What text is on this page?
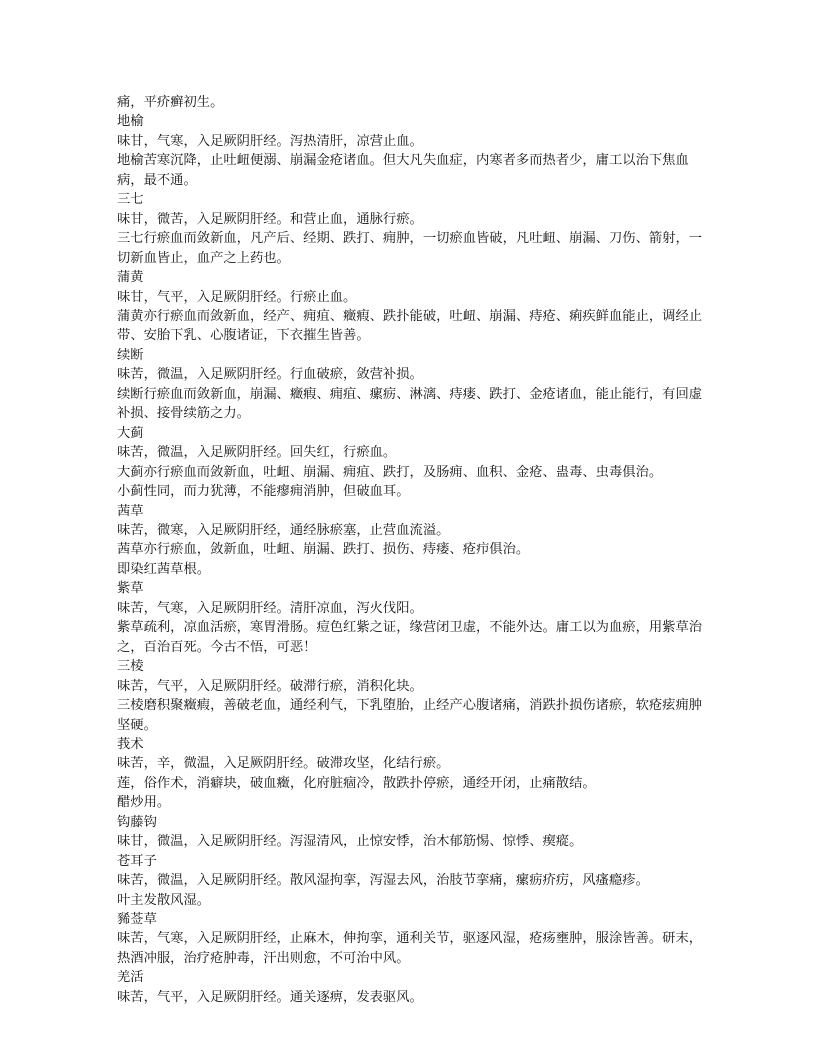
痛，平疥癣初生。

地榆

味甘，气寒，入足厥阴肝经。泻热清肝，凉营止血。

地榆苦寒沉降，止吐衄便溺、崩漏金疮诸血。但大凡失血症，内寒者多而热者少，庸工以治下焦血病，最不通。

三七

味甘，微苦，入足厥阴肝经。和营止血，通脉行瘀。

三七行瘀血而敛新血，凡产后、经期、跌打、痈肿，一切瘀血皆破，凡吐衄、崩漏、刀伤、箭射，一切新血皆止，血产之上药也。

蒲黄

味甘，气平，入足厥阴肝经。行瘀止血。

蒲黄亦行瘀血而敛新血，经产、痈疽、癥瘕、跌扑能破，吐衄、崩漏、痔疮、痢疾鲜血能止，调经止带、安胎下乳、心腹诸证，下衣摧生皆善。

续断

味苦，微温，入足厥阴肝经。行血破瘀，敛营补损。

续断行瘀血而敛新血，崩漏、癥瘕、痈疽、瘰疬、淋漓、痔瘘、跌打、金疮诸血，能止能行，有回虚补损、接骨续筋之力。

大蓟

味苦，微温，入足厥阴肝经。回失红，行瘀血。

大蓟亦行瘀血而敛新血，吐衄、崩漏、痈疽、跌打，及肠痈、血积、金疮、蛊毒、虫毒俱治。

小蓟性同，而力犹薄，不能瘳痈消肿，但破血耳。

茜草

味苦，微寒，入足厥阴肝经，通经脉瘀塞，止营血流溢。

茜草亦行瘀血，敛新血，吐衄、崩漏、跌打、损伤、痔瘘、疮疖俱治。

即染红茜草根。

紫草

味苦，气寒，入足厥阴肝经。清肝凉血，泻火伐阳。

紫草疏利，凉血活瘀，寒胃滑肠。痘色红紫之证，缘营闭卫虚，不能外达。庸工以为血瘀，用紫草治之，百治百死。今古不悟，可恶！

三棱

味苦，气平，入足厥阴肝经。破滞行瘀，消积化块。

三棱磨积聚癥瘕，善破老血，通经利气，下乳堕胎，止经产心腹诸痛，消跌扑损伤诸瘀，软疮痃痈肿坚硬。

莪术

味苦，辛，微温，入足厥阴肝经。破滞攻坚，化结行瘀。

莲，俗作术，消癖块，破血癥，化府脏痼冷，散跌扑停瘀，通经开闭，止痛散结。

醋炒用。

钩藤钩

味甘，微温，入足厥阴肝经。泻湿清风，止惊安悸，治木郁筋惕、惊悸、瘈瘲。

苍耳子

味苦，微温，入足厥阴肝经。散风湿拘挛，泻湿去风，治肢节挛痛，瘰疬疥疠，风瘙瘾疹。

叶主发散风湿。

豨莶草

味苦，气寒，入足厥阴肝经，止麻木，伸拘挛，通利关节，驱逐风湿，疮疡壅肿，服涂皆善。研末，热酒冲服，治疗疮肿毒，汗出则愈，不可治中风。

羌活

味苦，气平，入足厥阴肝经。通关逐痹，发表驱风。
